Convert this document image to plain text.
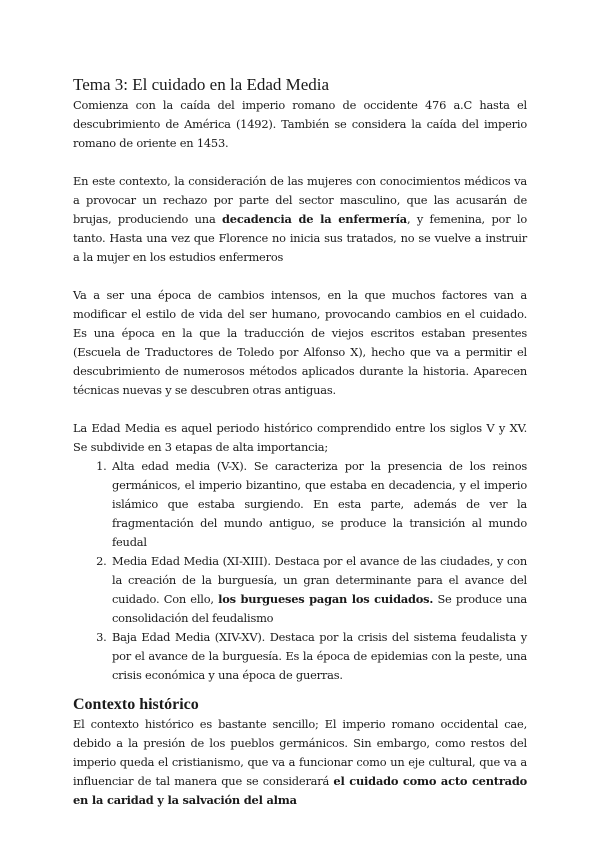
Tema 3: El cuidado en la Edad Media

Comienza con la caída del imperio romano de occidente 476 a.C hasta el descubrimiento de América (1492). También se considera la caída del imperio romano de oriente en 1453.

En este contexto, la consideración de las mujeres con conocimientos médicos va a provocar un rechazo por parte del sector masculino, que las acusarán de brujas, produciendo una decadencia de la enfermería, y femenina, por lo tanto. Hasta una vez que Florence no inicia sus tratados, no se vuelve a instruir a la mujer en los estudios enfermeros

Va a ser una época de cambios intensos, en la que muchos factores van a modificar el estilo de vida del ser humano, provocando cambios en el cuidado. Es una época en la que la traducción de viejos escritos estaban presentes (Escuela de Traductores de Toledo por Alfonso X), hecho que va a permitir el descubrimiento de numerosos métodos aplicados durante la historia. Aparecen técnicas nuevas y se descubren otras antiguas.

La Edad Media es aquel periodo histórico comprendido entre los siglos V y XV. Se subdivide en 3 etapas de alta importancia;

1. Alta edad media (V-X). Se caracteriza por la presencia de los reinos germánicos, el imperio bizantino, que estaba en decadencia, y el imperio islámico que estaba surgiendo. En esta parte, además de ver la fragmentación del mundo antiguo, se produce la transición al mundo feudal
2. Media Edad Media (XI-XIII). Destaca por el avance de las ciudades, y con la creación de la burguesía, un gran determinante para el avance del cuidado. Con ello, los burgueses pagan los cuidados. Se produce una consolidación del feudalismo
3. Baja Edad Media (XIV-XV). Destaca por la crisis del sistema feudalista y por el avance de la burguesía. Es la época de epidemias con la peste, una crisis económica y una época de guerras.
Contexto histórico

El contexto histórico es bastante sencillo; El imperio romano occidental cae, debido a la presión de los pueblos germánicos. Sin embargo, como restos del imperio queda el cristianismo, que va a funcionar como un eje cultural, que va a influenciar de tal manera que se considerará el cuidado como acto centrado en la caridad y la salvación del alma
